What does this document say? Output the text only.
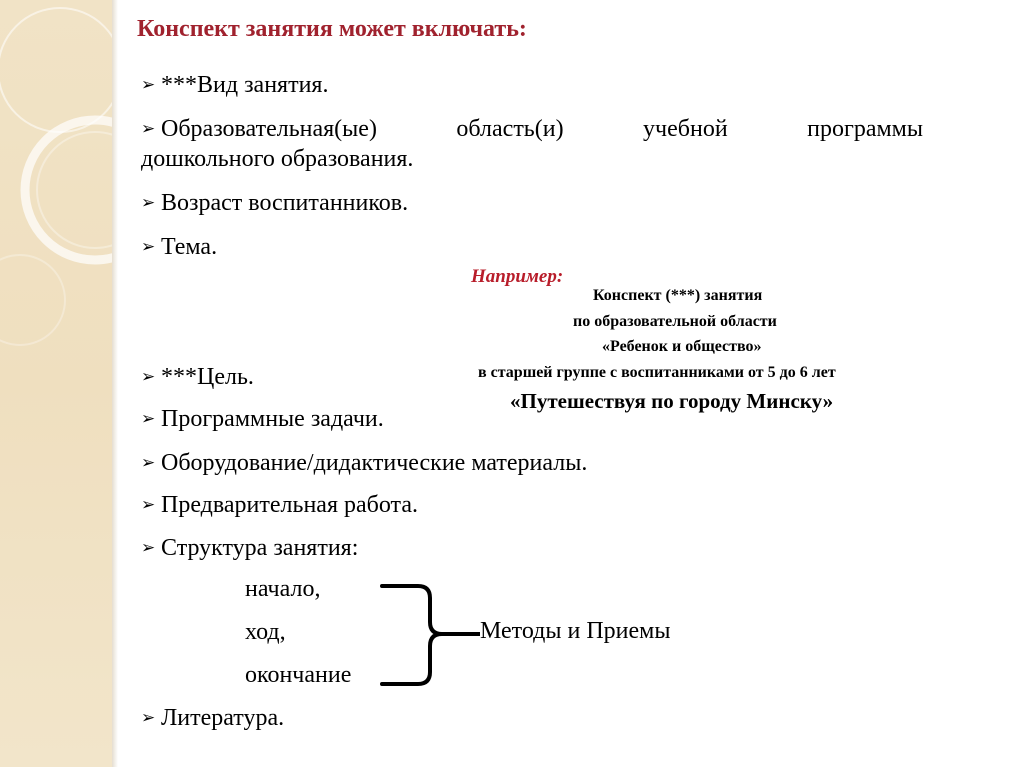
Конспект занятия может включать:
➢ ***Вид занятия.
➢ Образовательная(ые) область(и) учебной программы
дошкольного образования.
➢ Возраст воспитанников.
➢ Тема.
Например:
Конспект (***) занятия
по образовательной области
«Ребенок и общество»
в старшей группе с воспитанниками от 5 до 6 лет
«Путешествуя по городу Минску»
➢ ***Цель.
➢ Программные задачи.
➢ Оборудование/дидактические материалы.
➢ Предварительная работа.
➢ Структура занятия:
начало,
ход,
окончание
Методы и Приемы
➢ Литература.
